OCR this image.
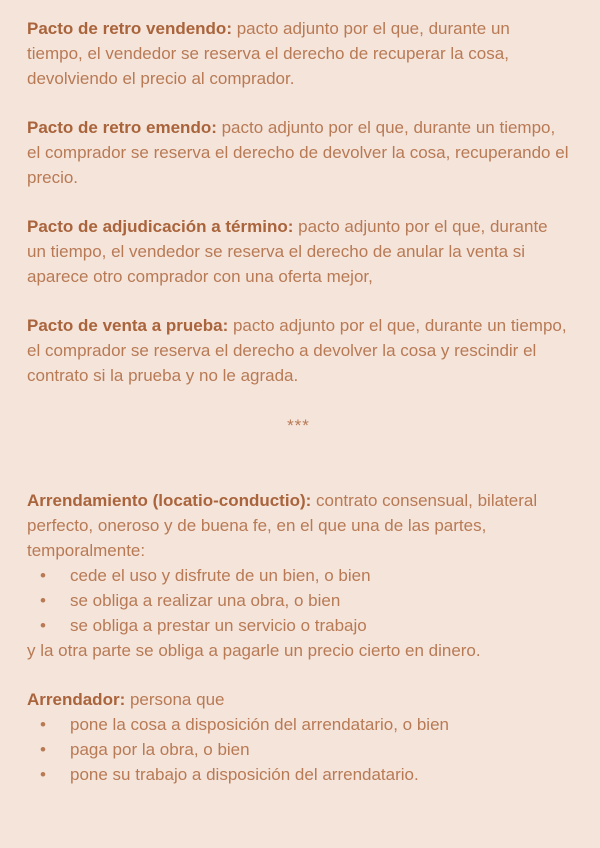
Pacto de retro vendendo: pacto adjunto por el que, durante un tiempo, el vendedor se reserva el derecho de recuperar la cosa, devolviendo el precio al comprador.

Pacto de retro emendo: pacto adjunto por el que, durante un tiempo, el comprador se reserva el derecho de devolver la cosa, recuperando el precio.

Pacto de adjudicación a término: pacto adjunto por el que, durante un tiempo, el vendedor se reserva el derecho de anular la venta si aparece otro comprador con una oferta mejor,

Pacto de venta a prueba: pacto adjunto por el que, durante un tiempo, el comprador se reserva el derecho a devolver la cosa y rescindir el contrato si la prueba y no le agrada.

***

Arrendamiento (locatio-conductio): contrato consensual, bilateral perfecto, oneroso y de buena fe, en el que una de las partes, temporalmente:

• cede el uso y disfrute de un bien, o bien
• se obliga a realizar una obra, o bien
• se obliga a prestar un servicio o trabajo

y la otra parte se obliga a pagarle un precio cierto en dinero.

Arrendador: persona que

• pone la cosa a disposición del arrendatario, o bien
• paga por la obra, o bien
• pone su trabajo a disposición del arrendatario.
